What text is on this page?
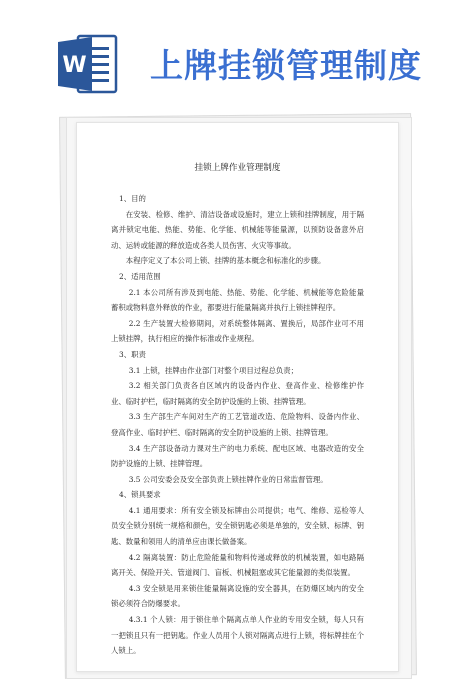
W 上牌挂锁管理制度
挂锁上牌作业管理制度

1、目的

在安装、检修、维护、清洁设备或设施时，建立上锁和挂牌制度，用于隔离并锁定电能、热能、势能、化学能、机械能等能量源，以预防设备意外启动、运转或能源的释放造成各类人员伤害、火灾等事故。

本程序定义了本公司上锁、挂牌的基本概念和标准化的步骤。

2、适用范围

2.1 本公司所有涉及到电能、热能、势能、化学能、机械能等危险能量蓄积或物料意外释放的作业，都要进行能量隔离并执行上锁挂牌程序。

2.2 生产装置大检修期间，对系统整体隔离、置换后，局部作业可不用上锁挂牌，执行相应的操作标准或作业规程。

3、职责

3.1 上锁，挂牌由作业部门对整个项目过程总负责；

3.2 相关部门负责各自区域内的设备内作业、登高作业、检修维护作业、临时护栏，临时隔离的安全防护设施的上锁、挂牌管理。

3.3 生产部生产车间对生产的工艺管道改造、危险物料、设备内作业、登高作业、临时护栏、临时隔离的安全防护设施的上锁、挂牌管理。

3.4 生产部设备动力课对生产的电力系统、配电区域、电器改造的安全防护设施的上锁、挂牌管理。

3.5 公司安委会及安全部负责上锁挂牌作业的日常监督管理。

4、锁具要求

4.1 通用要求：所有安全锁及标牌由公司提供；电气、维修、巡检等人员安全锁分别统一规格和颜色，安全锁钥匙必须是单独的，安全锁、标牌、钥匙、数量和领用人的清单应由课长做备案。

4.2 隔离装置：防止危险能量和物料传递或释放的机械装置，如电路隔离开关、保险开关、管道阀门、盲板、机械阻塞或其它能量源的类似装置。

4.3 安全锁是用来锁住能量隔离设施的安全器具，在防爆区域内的安全锁必须符合防爆要求。

4.3.1 个人锁：用于锁住单个隔离点单人作业的专用安全锁，每人只有一把锁且只有一把钥匙。作业人员用个人锁对隔离点进行上锁，将标牌挂在个人锁上。
